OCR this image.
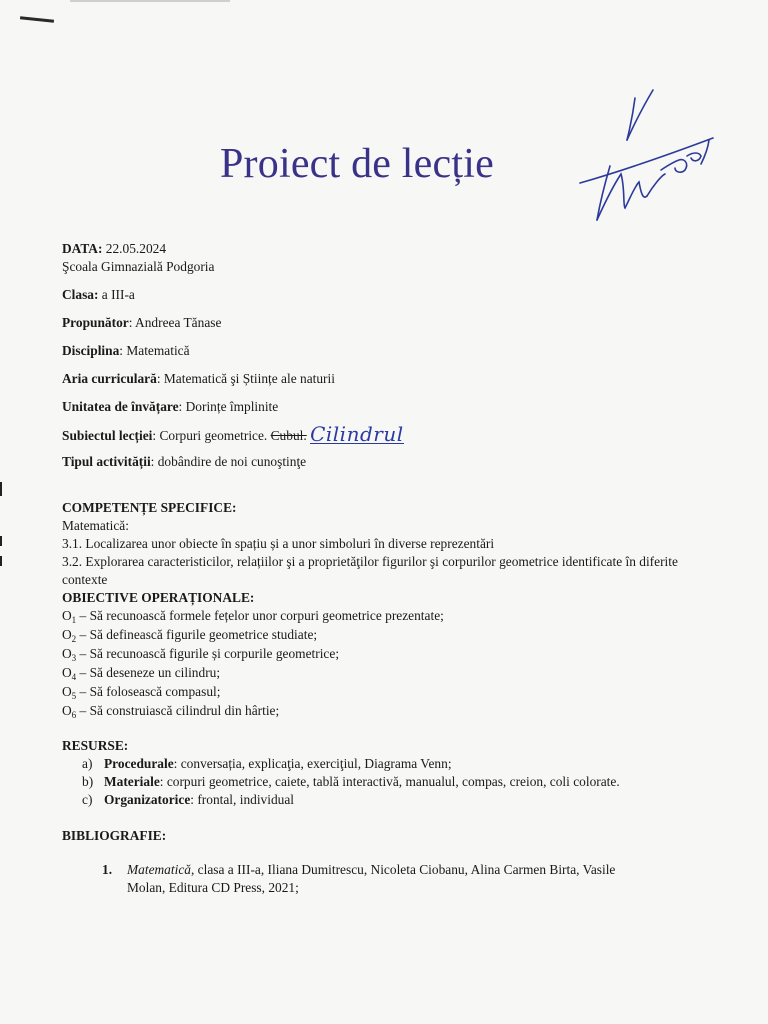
Proiect de lecție
DATA: 22.05.2024
Şcoala Gimnazială Podgoria
Clasa: a III-a
Propunător: Andreea Tănase
Disciplina: Matematică
Aria curriculară: Matematică şi Științe ale naturii
Unitatea de învățare: Dorințe împlinite
Subiectul lecției: Corpuri geometrice. Cubul. Cilindrul
Tipul activității: dobândire de noi cunoştinţe
COMPETENȚE SPECIFICE:
Matematică:
3.1. Localizarea unor obiecte în spațiu și a unor simboluri în diverse reprezentări
3.2. Explorarea caracteristicilor, relațiilor şi a proprietăţilor figurilor şi corpurilor geometrice identificate în diferite contexte
OBIECTIVE OPERAȚIONALE:
$O_1$ – Să recunoască formele fețelor unor corpuri geometrice prezentate;
$O_2$ – Să definească figurile geometrice studiate;
$O_3$ – Să recunoască figurile și corpurile geometrice;
$O_4$ – Să deseneze un cilindru;
$O_5$ – Să folosească compasul;
$O_6$ – Să construiască cilindrul din hârtie;
RESURSE:
a) Procedurale: conversația, explicaţia, exerciţiul, Diagrama Venn;
b) Materiale: corpuri geometrice, caiete, tablă interactivă, manualul, compas, creion, coli colorate.
c) Organizatorice: frontal, individual
BIBLIOGRAFIE:
1.	Matematică, clasa a III-a, Iliana Dumitrescu, Nicoleta Ciobanu, Alina Carmen Birta, Vasile Molan, Editura CD Press, 2021;
